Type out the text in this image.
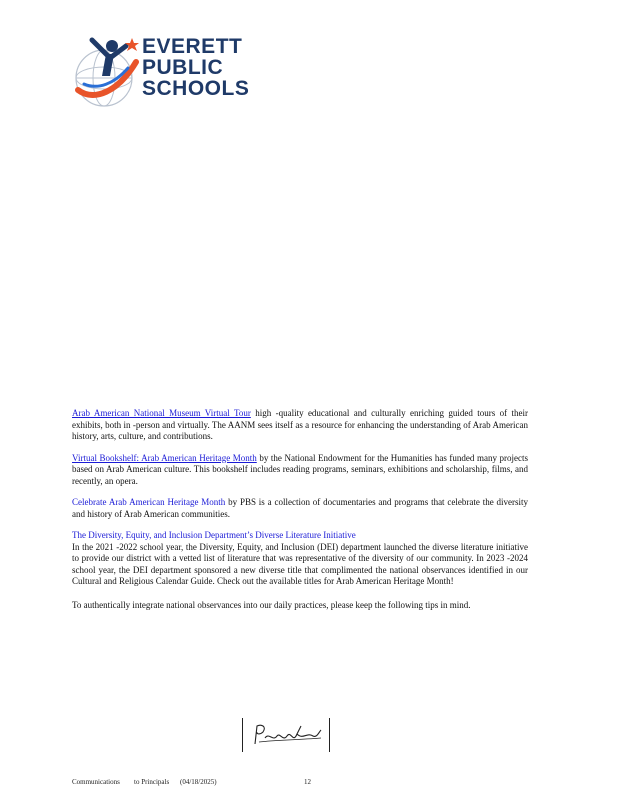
EVERETT
PUBLIC
SCHOOLS

Arab American National Museum Virtual Tour high -quality educational and culturally enriching guided tours of their exhibits, both in -person and virtually. The AANM sees itself as a resource for enhancing the understanding of Arab American history, arts, culture, and contributions.

Virtual Bookshelf: Arab American Heritage Month by the National Endowment for the Humanities has funded many projects based on Arab American culture. This bookshelf includes reading programs, seminars, exhibitions and scholarship, films, and recently, an opera.

Celebrate Arab American Heritage Month by PBS is a collection of documentaries and programs that celebrate the diversity and history of Arab American communities.

The Diversity, Equity, and Inclusion Department’s Diverse Literature Initiative

In the 2021 -2022 school year, the Diversity, Equity, and Inclusion (DEI) department launched the diverse literature initiative to provide our district with a vetted list of literature that was representative of the diversity of our community. In 2023 -2024 school year, the DEI department sponsored a new diverse title that complimented the national observances identified in our Cultural and Religious Calendar Guide. Check out the available titles for Arab American Heritage Month!

To authentically integrate national observances into our daily practices, please keep the following tips in mind.

Communications to Principals (04/18/2025)	12
